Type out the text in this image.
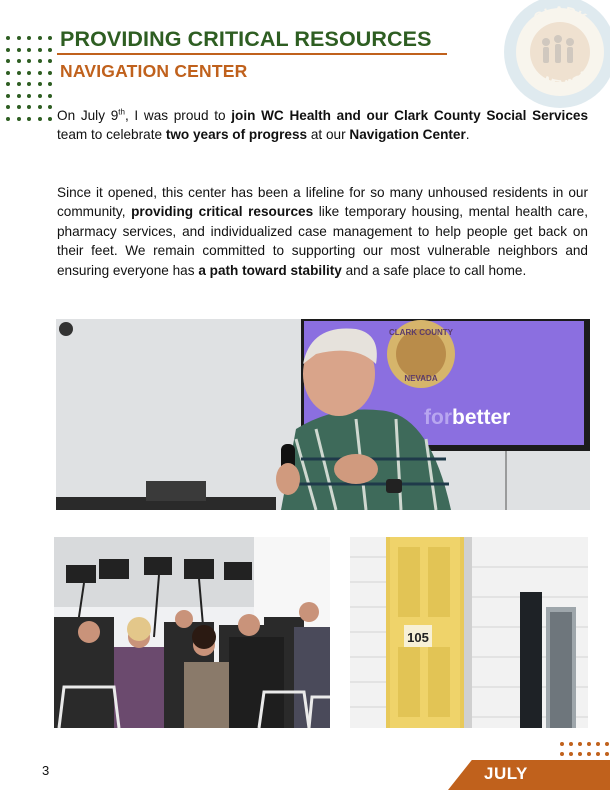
CLARK
NEVADA
PROVIDING CRITICAL RESOURCES
NAVIGATION CENTER

On July 9th, I was proud to join WC Health and our Clark County Social Services team to celebrate two years of progress at our Navigation Center.

Since it opened, this center has been a lifeline for so many unhoused residents in our community, providing critical resources like temporary housing, mental health care, pharmacy services, and individualized case management to help people get back on their feet. We remain committed to supporting our most vulnerable neighbors and ensuring everyone has a path toward stability and a safe place to call home.

CLARK COUNTY
NEVADA
forbetter
105
3	JULY
